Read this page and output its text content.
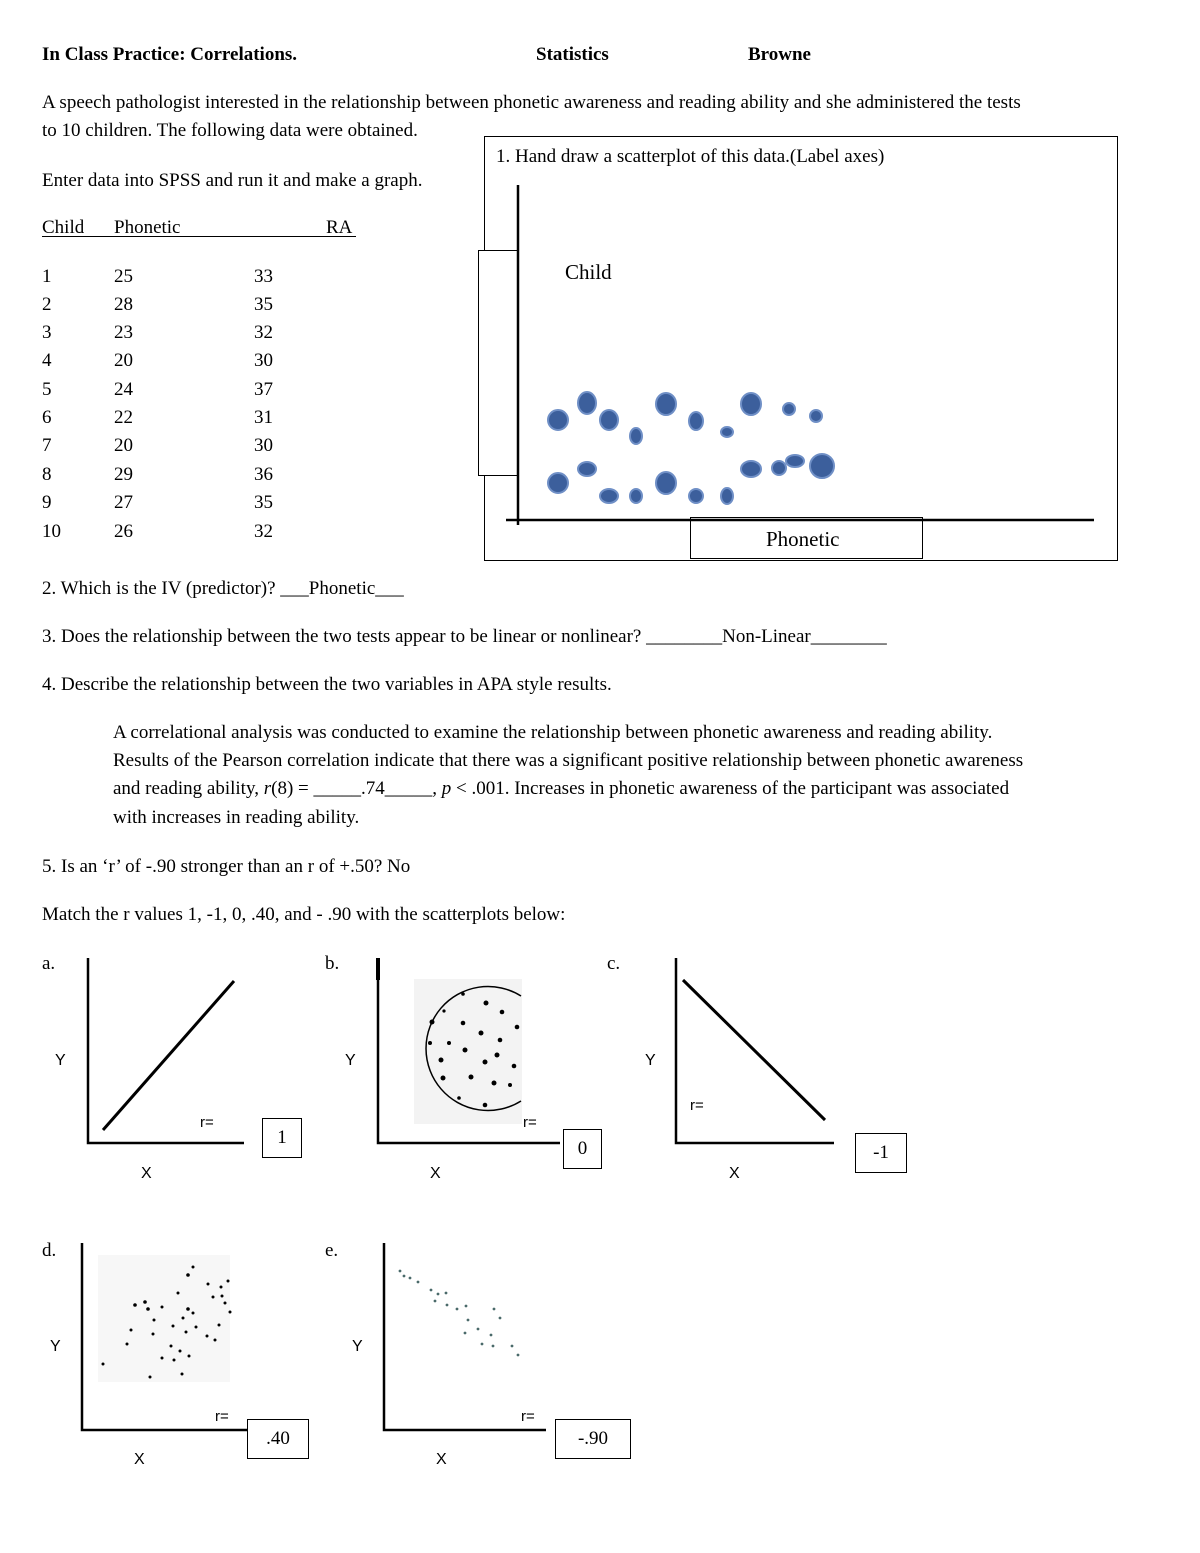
In Class Practice: Correlations.	Statistics	Browne
A speech pathologist interested in the relationship between phonetic awareness and reading ability and she administered the tests
to 10 children. The following data were obtained.
Enter data into SPSS and run it and make a graph.
Child Phonetic	RA
1	25	33
2	28	35
3	23	32
4	20	30
5	24	37
6	22	31
7	20	30
8	29	36
9	27	35
10	26	32
1. Hand draw a scatterplot of this data.(Label axes)
Child
Phonetic
2. Which is the IV (predictor)? ___Phonetic___
3. Does the relationship between the two tests appear to be linear or nonlinear? ________Non-Linear________
4. Describe the relationship between the two variables in APA style results.
A correlational analysis was conducted to examine the relationship between phonetic awareness and reading ability.
Results of the Pearson correlation indicate that there was a significant positive relationship between phonetic awareness
and reading ability, r(8) = _____.74_____, p < .001. Increases in phonetic awareness of the participant was associated
with increases in reading ability.
5. Is an ‘r’ of -.90 stronger than an r of +.50? No
Match the r values 1, -1, 0, .40, and - .90 with the scatterplots below:
a.	b.	c.
d.	e.
Y
X
r=
1
Y
X
r=
0
Y
X
r=
-1
Y
X
r=
.40
Y
X
r=
-.90
